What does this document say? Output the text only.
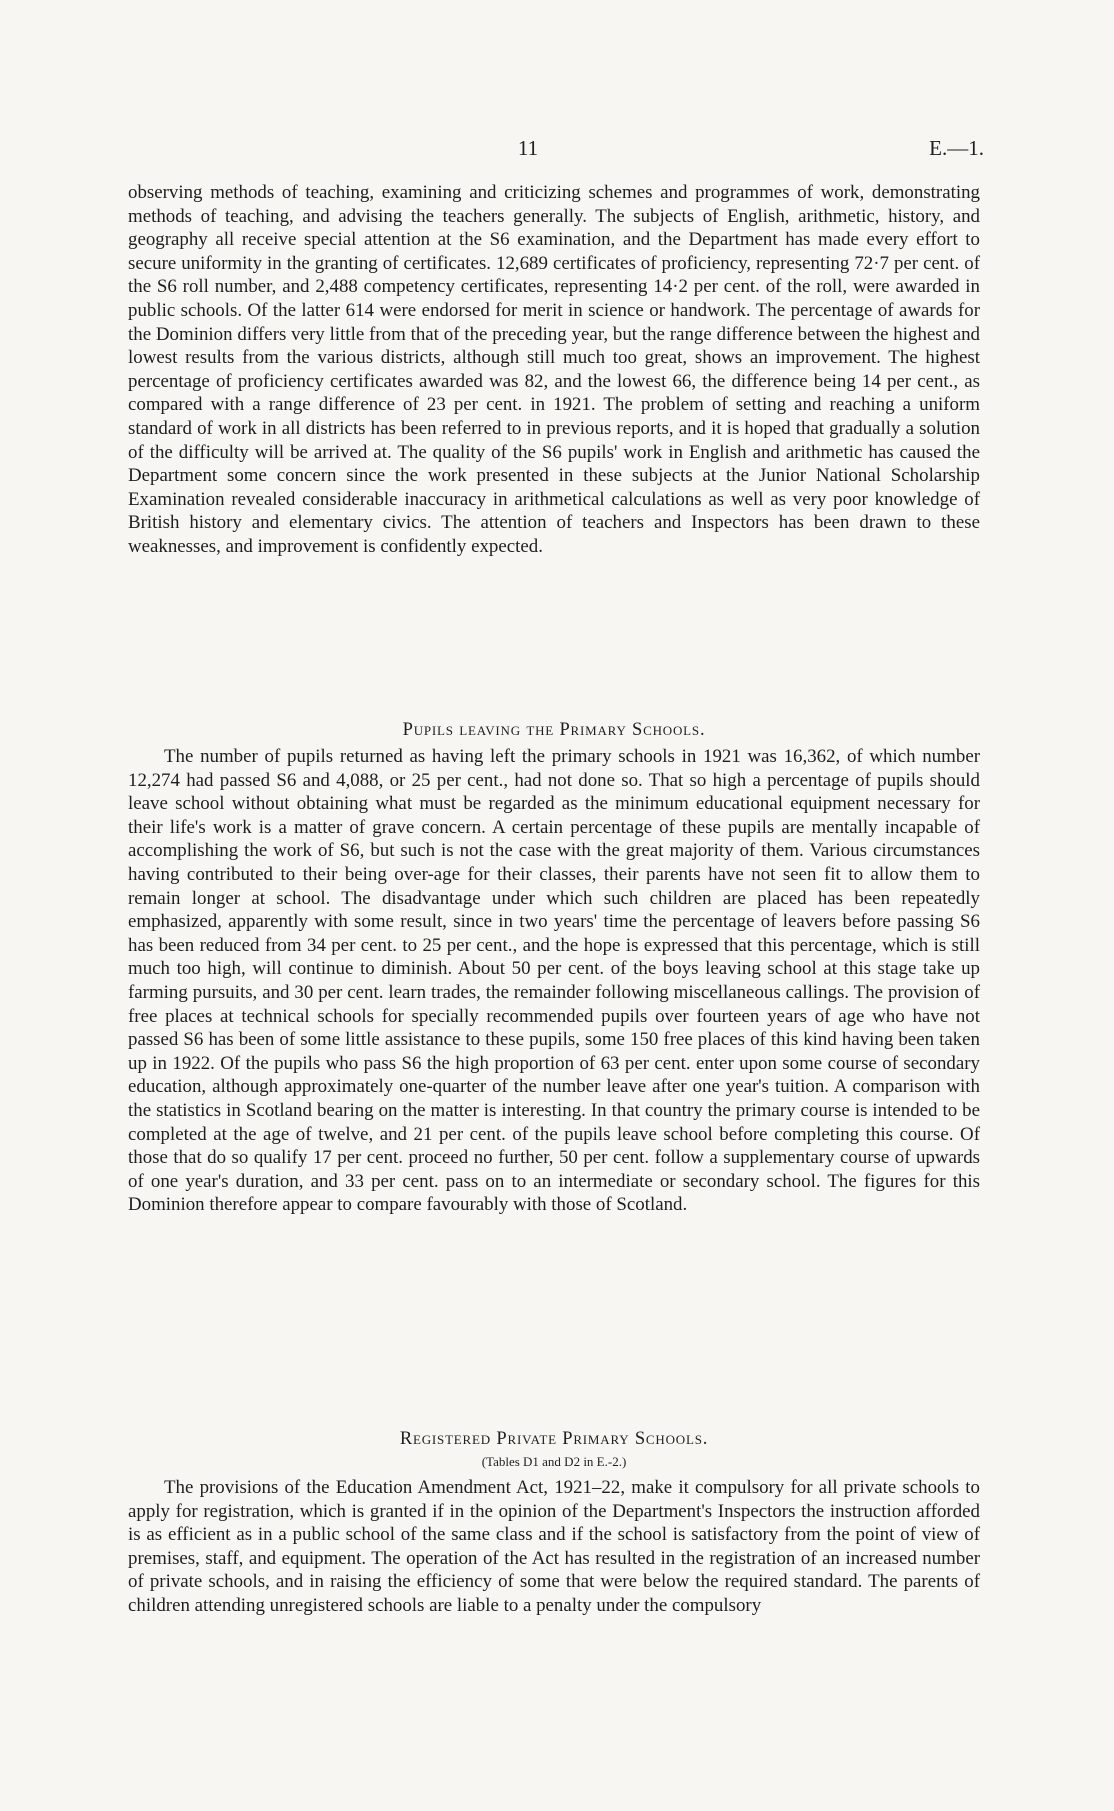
11	E.—1.

observing methods of teaching, examining and criticizing schemes and programmes of work, demonstrating methods of teaching, and advising the teachers generally. The subjects of English, arithmetic, history, and geography all receive special attention at the S6 examination, and the Department has made every effort to secure uniformity in the granting of certificates. 12,689 certificates of proficiency, representing 72·7 per cent. of the S6 roll number, and 2,488 competency certificates, representing 14·2 per cent. of the roll, were awarded in public schools. Of the latter 614 were endorsed for merit in science or handwork. The percentage of awards for the Dominion differs very little from that of the preceding year, but the range difference between the highest and lowest results from the various districts, although still much too great, shows an improvement. The highest percentage of proficiency certificates awarded was 82, and the lowest 66, the difference being 14 per cent., as compared with a range difference of 23 per cent. in 1921. The problem of setting and reaching a uniform standard of work in all districts has been referred to in previous reports, and it is hoped that gradually a solution of the difficulty will be arrived at. The quality of the S6 pupils' work in English and arithmetic has caused the Department some concern since the work presented in these subjects at the Junior National Scholarship Examination revealed considerable inaccuracy in arithmetical calculations as well as very poor knowledge of British history and elementary civics. The attention of teachers and Inspectors has been drawn to these weaknesses, and improvement is confidently expected.

Pupils leaving the Primary Schools.

The number of pupils returned as having left the primary schools in 1921 was 16,362, of which number 12,274 had passed S6 and 4,088, or 25 per cent., had not done so. That so high a percentage of pupils should leave school without obtaining what must be regarded as the minimum educational equipment necessary for their life's work is a matter of grave concern. A certain percentage of these pupils are mentally incapable of accomplishing the work of S6, but such is not the case with the great majority of them. Various circumstances having contributed to their being over-age for their classes, their parents have not seen fit to allow them to remain longer at school. The disadvantage under which such children are placed has been repeatedly emphasized, apparently with some result, since in two years' time the percentage of leavers before passing S6 has been reduced from 34 per cent. to 25 per cent., and the hope is expressed that this percentage, which is still much too high, will continue to diminish. About 50 per cent. of the boys leaving school at this stage take up farming pursuits, and 30 per cent. learn trades, the remainder following miscellaneous callings. The provision of free places at technical schools for specially recommended pupils over fourteen years of age who have not passed S6 has been of some little assistance to these pupils, some 150 free places of this kind having been taken up in 1922. Of the pupils who pass S6 the high proportion of 63 per cent. enter upon some course of secondary education, although approximately one-quarter of the number leave after one year's tuition. A comparison with the statistics in Scotland bearing on the matter is interesting. In that country the primary course is intended to be completed at the age of twelve, and 21 per cent. of the pupils leave school before completing this course. Of those that do so qualify 17 per cent. proceed no further, 50 per cent. follow a supplementary course of upwards of one year's duration, and 33 per cent. pass on to an intermediate or secondary school. The figures for this Dominion therefore appear to compare favourably with those of Scotland.

Registered Private Primary Schools.

(Tables D1 and D2 in E.-2.)

The provisions of the Education Amendment Act, 1921–22, make it compulsory for all private schools to apply for registration, which is granted if in the opinion of the Department's Inspectors the instruction afforded is as efficient as in a public school of the same class and if the school is satisfactory from the point of view of premises, staff, and equipment. The operation of the Act has resulted in the registration of an increased number of private schools, and in raising the efficiency of some that were below the required standard. The parents of children attending unregistered schools are liable to a penalty under the compulsory
